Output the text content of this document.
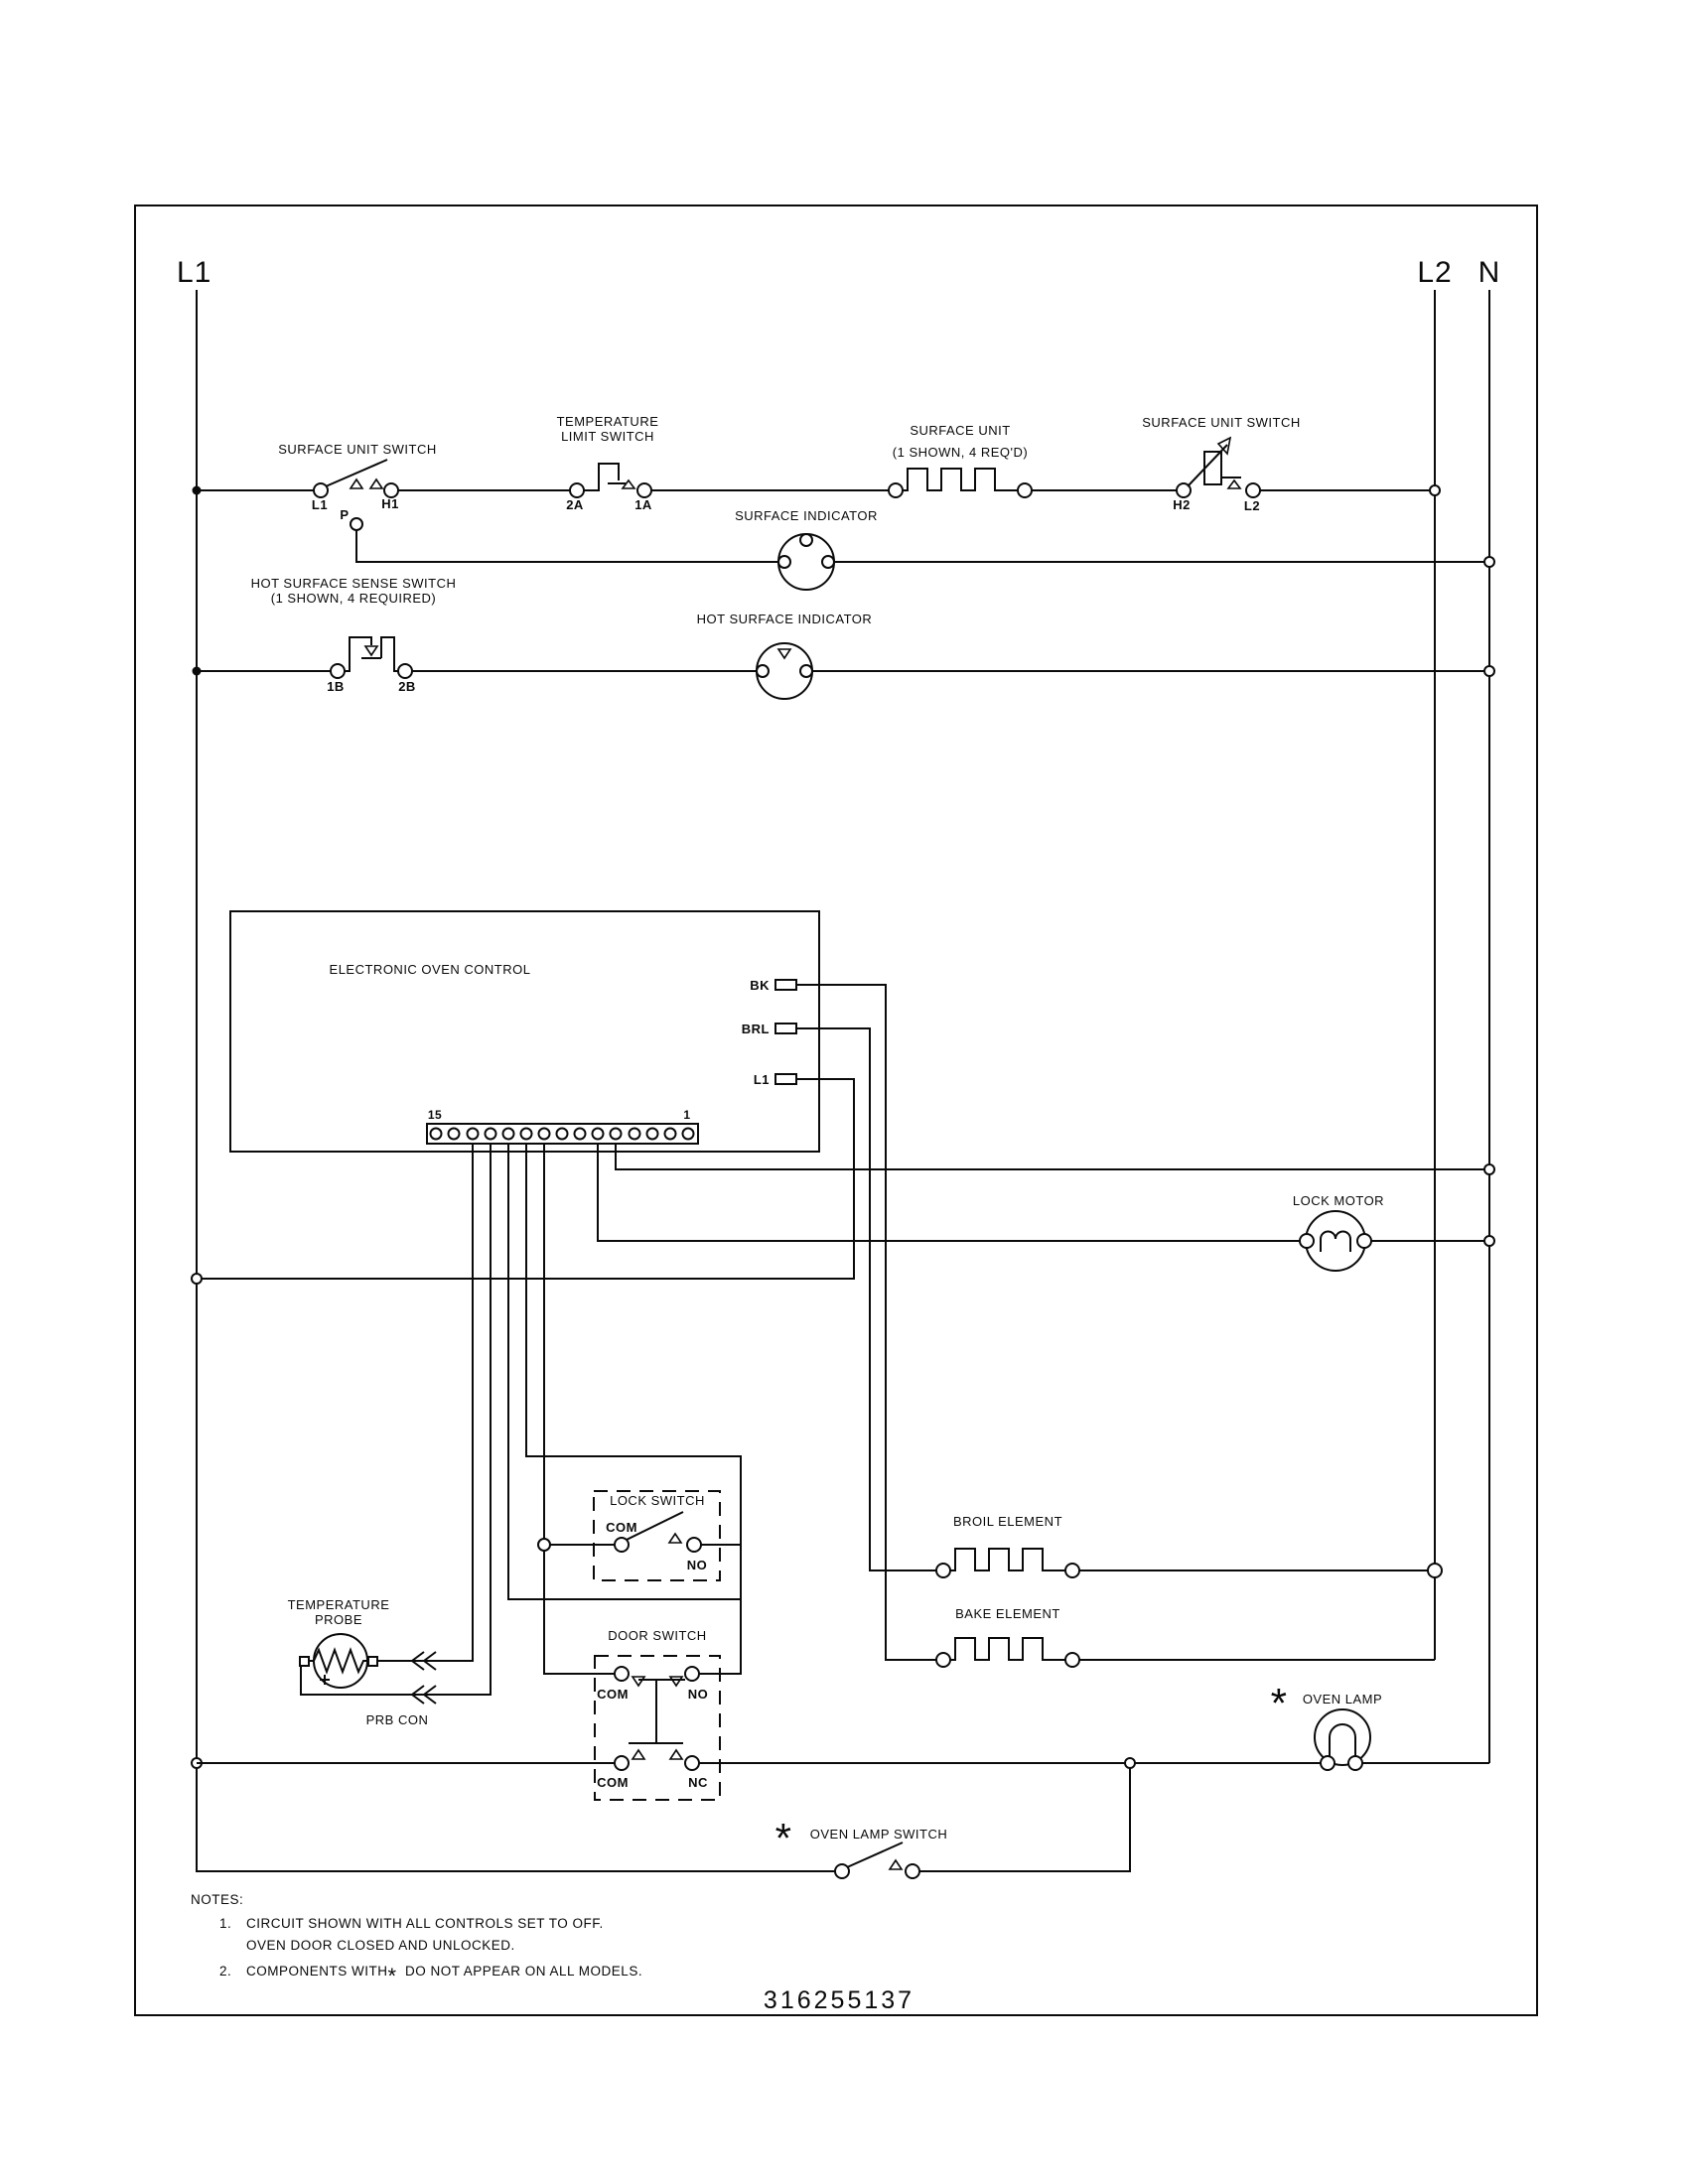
L1	L2 N
L1
P
H1
SURFACE UNIT SWITCH
TEMPERATURE
LIMIT SWITCH
2A	1A
SURFACE UNIT
(1 SHOWN, 4 REQ'D)
SURFACE UNIT SWITCH
H2	L2
SURFACE INDICATOR
HOT SURFACE SENSE SWITCH
(1 SHOWN, 4 REQUIRED)
1B	2B
HOT SURFACE INDICATOR
ELECTRONIC OVEN CONTROL
BK
BRL
L1
15	1
LOCK MOTOR
LOCK SWITCH
COM
NO
TEMPERATURE
PROBE
PRB CON
DOOR SWITCH
COM	NO
COM	NC
BROIL ELEMENT
BAKE ELEMENT
* OVEN LAMP
* OVEN LAMP SWITCH
NOTES:
1. CIRCUIT SHOWN WITH ALL CONTROLS SET TO OFF.
OVEN DOOR CLOSED AND UNLOCKED.
2. COMPONENTS WITH * DO NOT APPEAR ON ALL MODELS.
316255137
